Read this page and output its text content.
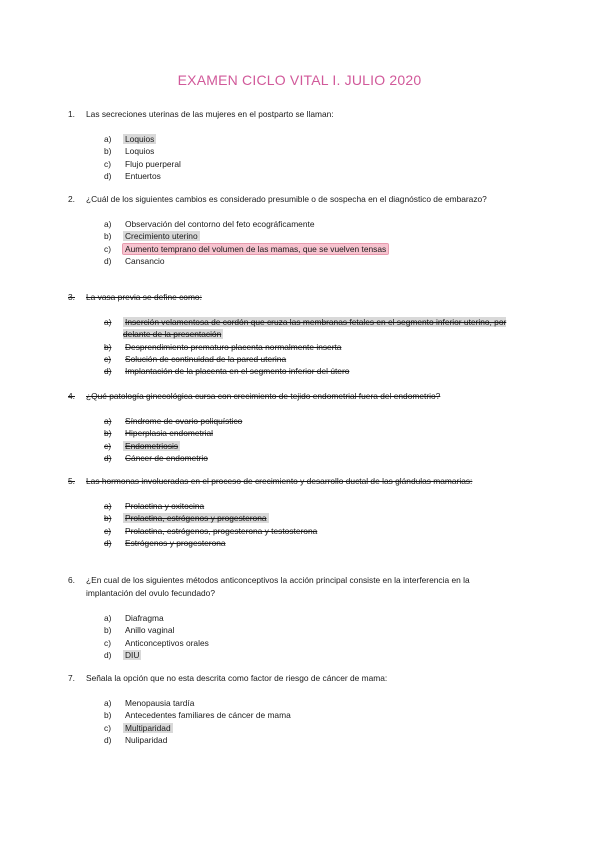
EXAMEN CICLO VITAL I. JULIO 2020
1. Las secreciones uterinas de las mujeres en el postparto se llaman:
a) Loquios
b) Loquios
c) Flujo puerperal
d) Entuertos
2. ¿Cuál de los siguientes cambios es considerado presumible o de sospecha en el diagnóstico de embarazo?
a) Observación del contorno del feto ecográficamente
b) Crecimiento uterino
c) Aumento temprano del volumen de las mamas, que se vuelven tensas
d) Cansancio
3. La vasa previa se define como:
a) Inserción velamentosa de cordón que cruza las membranas fetales en el segmento inferior uterino, por delante de la presentación
b) Desprendimiento prematuro placenta normalmente inserta
c) Solución de continuidad de la pared uterina
d) Implantación de la placenta en el segmento inferior del útero
4. ¿Qué patología ginecológica cursa con crecimiento de tejido endometrial fuera del endometrio?
a) Síndrome de ovario poliquístico
b) Hiperplasia endometrial
c) Endometriosis
d) Cáncer de endometrio
5. Las hormonas involucradas en el proceso de crecimiento y desarrollo ductal de las glándulas mamarias:
a) Prolactina y oxitocina
b) Prolactina, estrógenos y progesterona
c) Prolactina, estrógenos, progesterona y testosterona
d) Estrógenos y progesterona
6. ¿En cual de los siguientes métodos anticonceptivos la acción principal consiste en la interferencia en la implantación del ovulo fecundado?
a) Diafragma
b) Anillo vaginal
c) Anticonceptivos orales
d) DIU
7. Señala la opción que no esta descrita como factor de riesgo de cáncer de mama:
a) Menopausia tardía
b) Antecedentes familiares de cáncer de mama
c) Multiparidad
d) Nuliparidad
